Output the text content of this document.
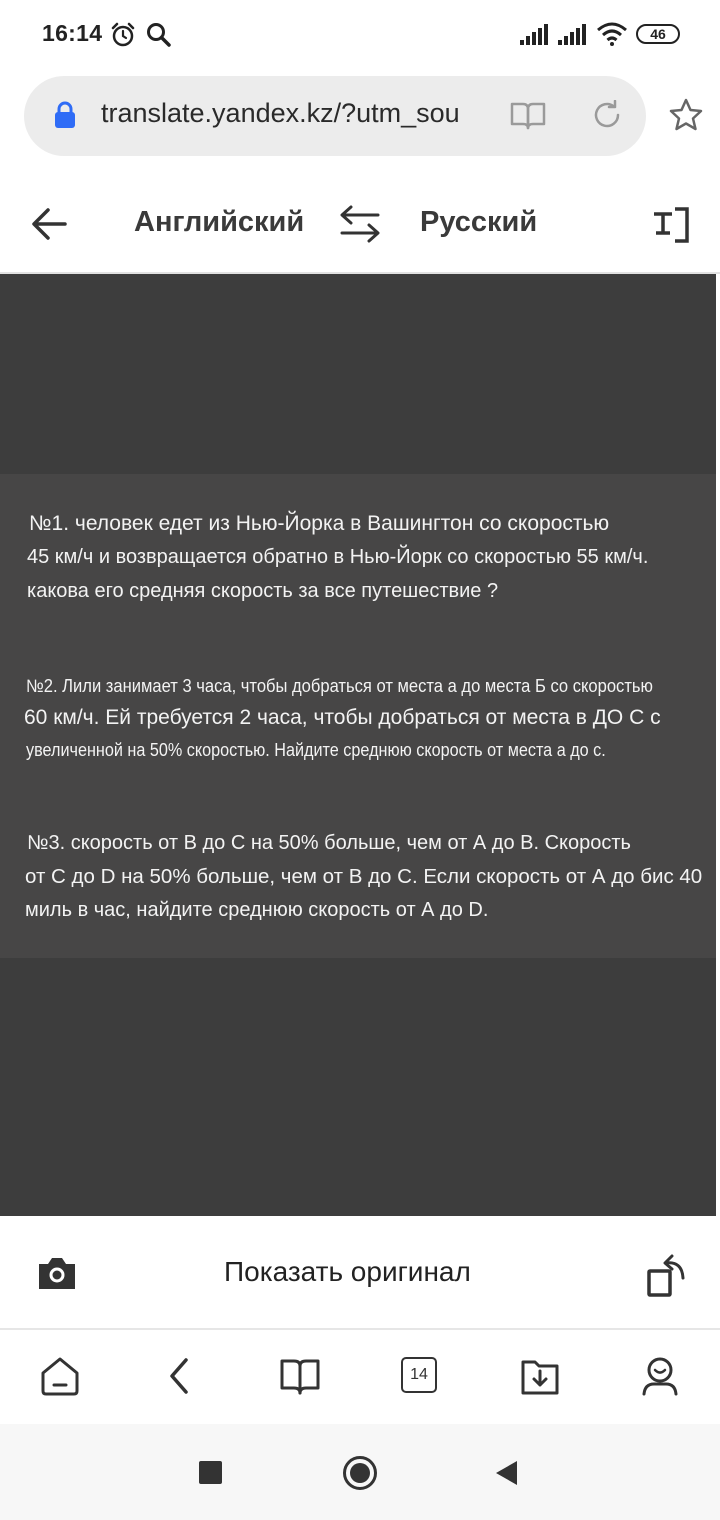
16:14	46
translate.yandex.kz/?utm_sou
Английский	Русский
№1. человек едет из Нью-Йорка в Вашингтон со скоростью
45 км/ч и возвращается обратно в Нью-Йорк со скоростью 55 км/ч.
какова его средняя скорость за все путешествие ?
№2. Лили занимает 3 часа, чтобы добраться от места а до места Б со скоростью
60 км/ч. Ей требуется 2 часа, чтобы добраться от места в ДО С с
увеличенной на 50% скоростью. Найдите среднюю скорость от места а до с.
№3. скорость от В до С на 50% больше, чем от А до В. Скорость
от С до D на 50% больше, чем от В до С. Если скорость от А до бис 40
миль в час, найдите среднюю скорость от А до D.
Показать оригинал
14
